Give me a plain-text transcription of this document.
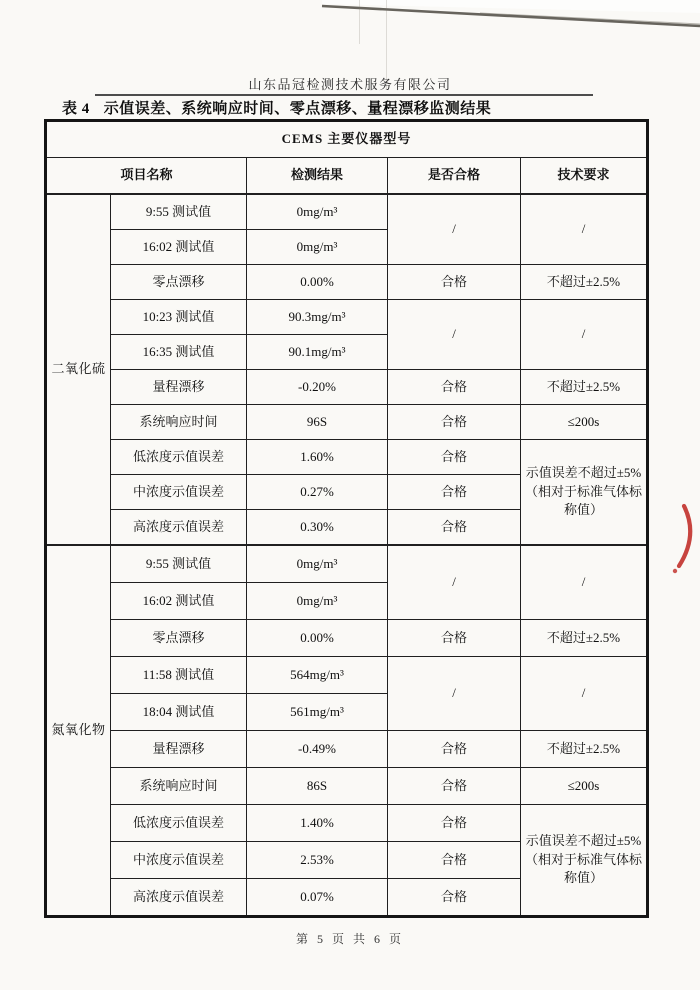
山东品冠检测技术服务有限公司
表 4 示值误差、系统响应时间、零点漂移、量程漂移监测结果
CEMS 主要仪器型号				
项目名称		检测结果	是否合格	技术要求
二氧化硫	9:55 测试值	0mg/m³	/	/
	16:02 测试值	0mg/m³		
	零点漂移	0.00%	合格	不超过±2.5%
	10:23 测试值	90.3mg/m³	/	/
	16:35 测试值	90.1mg/m³		
	量程漂移	-0.20%	合格	不超过±2.5%
	系统响应时间	96S	合格	≤200s
	低浓度示值误差	1.60%	合格	示值误差不超过±5%（相对于标准气体标称值）
	中浓度示值误差	0.27%	合格	
	高浓度示值误差	0.30%	合格	
氮氧化物	9:55 测试值	0mg/m³	/	/
	16:02 测试值	0mg/m³		
	零点漂移	0.00%	合格	不超过±2.5%
	11:58 测试值	564mg/m³	/	/
	18:04 测试值	561mg/m³		
	量程漂移	-0.49%	合格	不超过±2.5%
	系统响应时间	86S	合格	≤200s
	低浓度示值误差	1.40%	合格	示值误差不超过±5%（相对于标准气体标称值）
	中浓度示值误差	2.53%	合格	
	高浓度示值误差	0.07%	合格	
第 5 页 共 6 页
